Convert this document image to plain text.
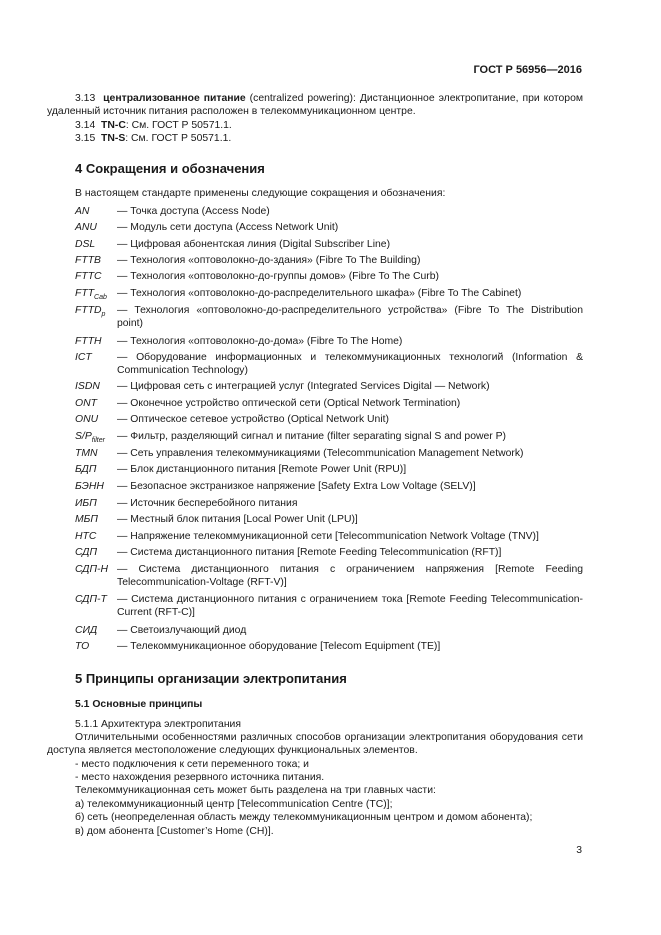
ГОСТ Р 56956—2016
3.13 централизованное питание (centralized powering): Дистанционное электропитание, при котором удаленный источник питания расположен в телекоммуникационном центре.
3.14 TN-C: См. ГОСТ Р 50571.1.
3.15 TN-S: См. ГОСТ Р 50571.1.
4 Сокращения и обозначения
В настоящем стандарте применены следующие сокращения и обозначения:
AN	— Точка доступа (Access Node)
ANU	— Модуль сети доступа (Access Network Unit)
DSL	— Цифровая абонентская линия (Digital Subscriber Line)
FTTB	— Технология «оптоволокно-до-здания» (Fibre To The Building)
FTTC	— Технология «оптоволокно-до-группы домов» (Fibre To The Curb)
$FTT_{Cab}$ — Технология «оптоволокно-до-распределительного шкафа» (Fibre To The Cabinet)
$FTTD_p$	— Технология «оптоволокно-до-распределительного устройства» (Fibre To The Distribution point)
FTTH	— Технология «оптоволокно-до-дома» (Fibre To The Home)
ICT	— Оборудование информационных и телекоммуникационных технологий (Information & Communication Technology)
ISDN	— Цифровая сеть с интеграцией услуг (Integrated Services Digital — Network)
ONT	— Оконечное устройство оптической сети (Optical Network Termination)
ONU	— Оптическое сетевое устройство (Optical Network Unit)
$S/P_{filter}$	— Фильтр, разделяющий сигнал и питание (filter separating signal S and power P)
TMN	— Сеть управления телекоммуникациями (Telecommunication Management Network)
БДП	— Блок дистанционного питания [Remote Power Unit (RPU)]
БЭНН	— Безопасное экстранизкое напряжение [Safety Extra Low Voltage (SELV)]
ИБП	— Источник бесперебойного питания
МБП	— Местный блок питания [Local Power Unit (LPU)]
НТС	— Напряжение телекоммуникационной сети [Telecommunication Network Voltage (TNV)]
СДП	— Система дистанционного питания [Remote Feeding Telecommunication (RFT)]
СДП-Н — Система дистанционного питания с ограничением напряжения [Remote Feeding Telecommunication-Voltage (RFT-V)]
СДП-Т — Система дистанционного питания с ограничением тока [Remote Feeding Telecommunication-Current (RFT-C)]
СИД	— Светоизлучающий диод
ТО	— Телекоммуникационное оборудование [Telecom Equipment (TE)]
5 Принципы организации электропитания
5.1 Основные принципы
5.1.1 Архитектура электропитания
Отличительными особенностями различных способов организации электропитания оборудования сети доступа является местоположение следующих функциональных элементов.
- место подключения к сети переменного тока; и
- место нахождения резервного источника питания.
Телекоммуникационная сеть может быть разделена на три главных части:
а) телекоммуникационный центр [Telecommunication Centre (TC)];
б) сеть (неопределенная область между телекоммуникационным центром и домом абонента);
в) дом абонента [Customer’s Home (CH)].
3
